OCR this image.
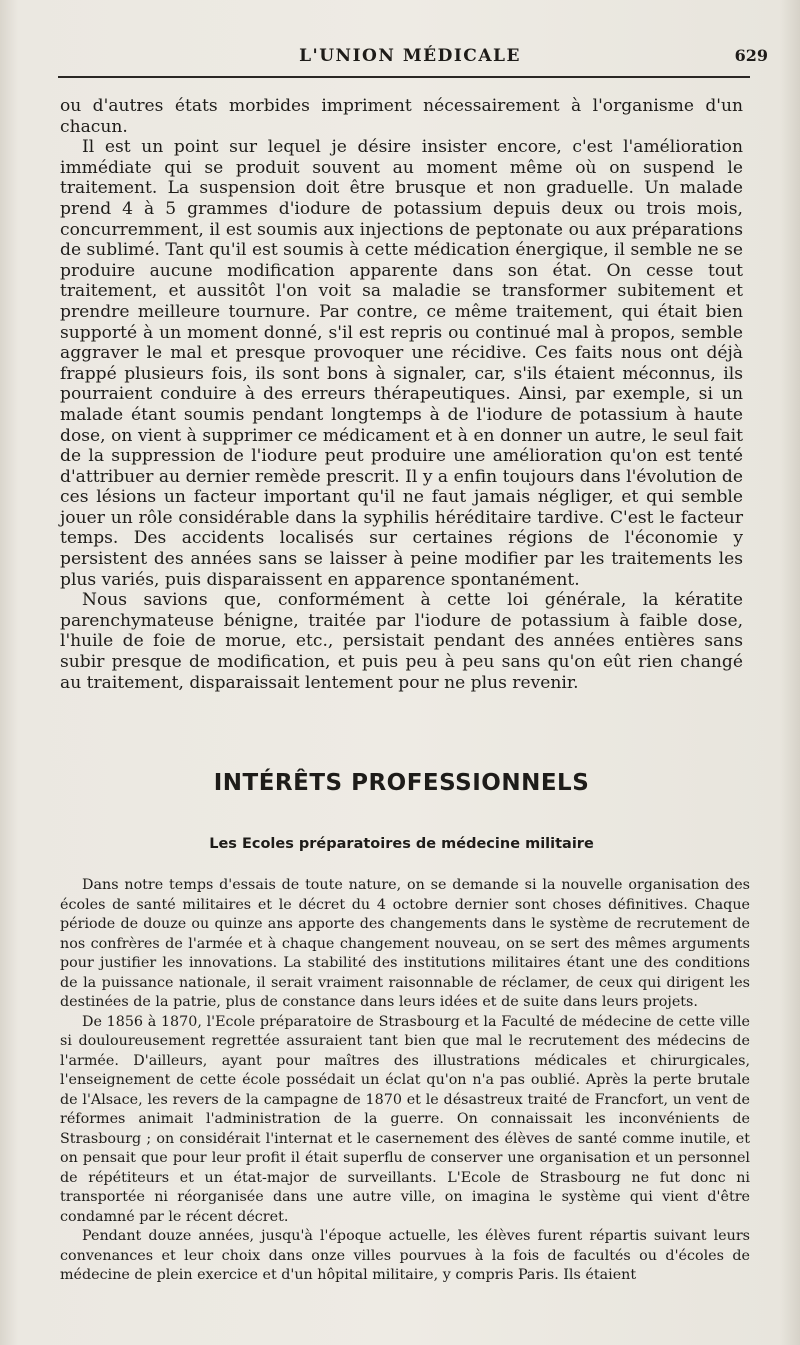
L'UNION MÉDICALE	629

ou d'autres états morbides impriment nécessairement à l'organisme d'un chacun.

Il est un point sur lequel je désire insister encore, c'est l'amélioration immédiate qui se produit souvent au moment même où on suspend le traitement. La suspension doit être brusque et non graduelle. Un malade prend 4 à 5 grammes d'iodure de potassium depuis deux ou trois mois, concurremment, il est soumis aux injections de peptonate ou aux préparations de sublimé. Tant qu'il est soumis à cette médication énergique, il semble ne se produire aucune modification apparente dans son état. On cesse tout traitement, et aussitôt l'on voit sa maladie se transformer subitement et prendre meilleure tournure. Par contre, ce même traitement, qui était bien supporté à un moment donné, s'il est repris ou continué mal à propos, semble aggraver le mal et presque provoquer une récidive. Ces faits nous ont déjà frappé plusieurs fois, ils sont bons à signaler, car, s'ils étaient méconnus, ils pourraient conduire à des erreurs thérapeutiques. Ainsi, par exemple, si un malade étant soumis pendant longtemps à de l'iodure de potassium à haute dose, on vient à supprimer ce médicament et à en donner un autre, le seul fait de la suppression de l'iodure peut produire une amélioration qu'on est tenté d'attribuer au dernier remède prescrit. Il y a enfin toujours dans l'évolution de ces lésions un facteur important qu'il ne faut jamais négliger, et qui semble jouer un rôle considérable dans la syphilis héréditaire tardive. C'est le facteur temps. Des accidents localisés sur certaines régions de l'économie y persistent des années sans se laisser à peine modifier par les traitements les plus variés, puis disparaissent en apparence spontanément.

Nous savions que, conformément à cette loi générale, la kératite parenchymateuse bénigne, traitée par l'iodure de potassium à faible dose, l'huile de foie de morue, etc., persistait pendant des années entières sans subir presque de modification, et puis peu à peu sans qu'on eût rien changé au traitement, disparaissait lentement pour ne plus revenir.

INTÉRÊTS PROFESSIONNELS
Les Ecoles préparatoires de médecine militaire

Dans notre temps d'essais de toute nature, on se demande si la nouvelle organisation des écoles de santé militaires et le décret du 4 octobre dernier sont choses définitives. Chaque période de douze ou quinze ans apporte des changements dans le système de recrutement de nos confrères de l'armée et à chaque changement nouveau, on se sert des mêmes arguments pour justifier les innovations. La stabilité des institutions militaires étant une des conditions de la puissance nationale, il serait vraiment raisonnable de réclamer, de ceux qui dirigent les destinées de la patrie, plus de constance dans leurs idées et de suite dans leurs projets.

De 1856 à 1870, l'Ecole préparatoire de Strasbourg et la Faculté de médecine de cette ville si douloureusement regrettée assuraient tant bien que mal le recrutement des médecins de l'armée. D'ailleurs, ayant pour maîtres des illustrations médicales et chirurgicales, l'enseignement de cette école possédait un éclat qu'on n'a pas oublié. Après la perte brutale de l'Alsace, les revers de la campagne de 1870 et le désastreux traité de Francfort, un vent de réformes animait l'administration de la guerre. On connaissait les inconvénients de Strasbourg ; on considérait l'internat et le casernement des élèves de santé comme inutile, et on pensait que pour leur profit il était superflu de conserver une organisation et un personnel de répétiteurs et un état-major de surveillants. L'Ecole de Strasbourg ne fut donc ni transportée ni réorganisée dans une autre ville, on imagina le système qui vient d'être condamné par le récent décret.

Pendant douze années, jusqu'à l'époque actuelle, les élèves furent répartis suivant leurs convenances et leur choix dans onze villes pourvues à la fois de facultés ou d'écoles de médecine de plein exercice et d'un hôpital militaire, y compris Paris. Ils étaient
